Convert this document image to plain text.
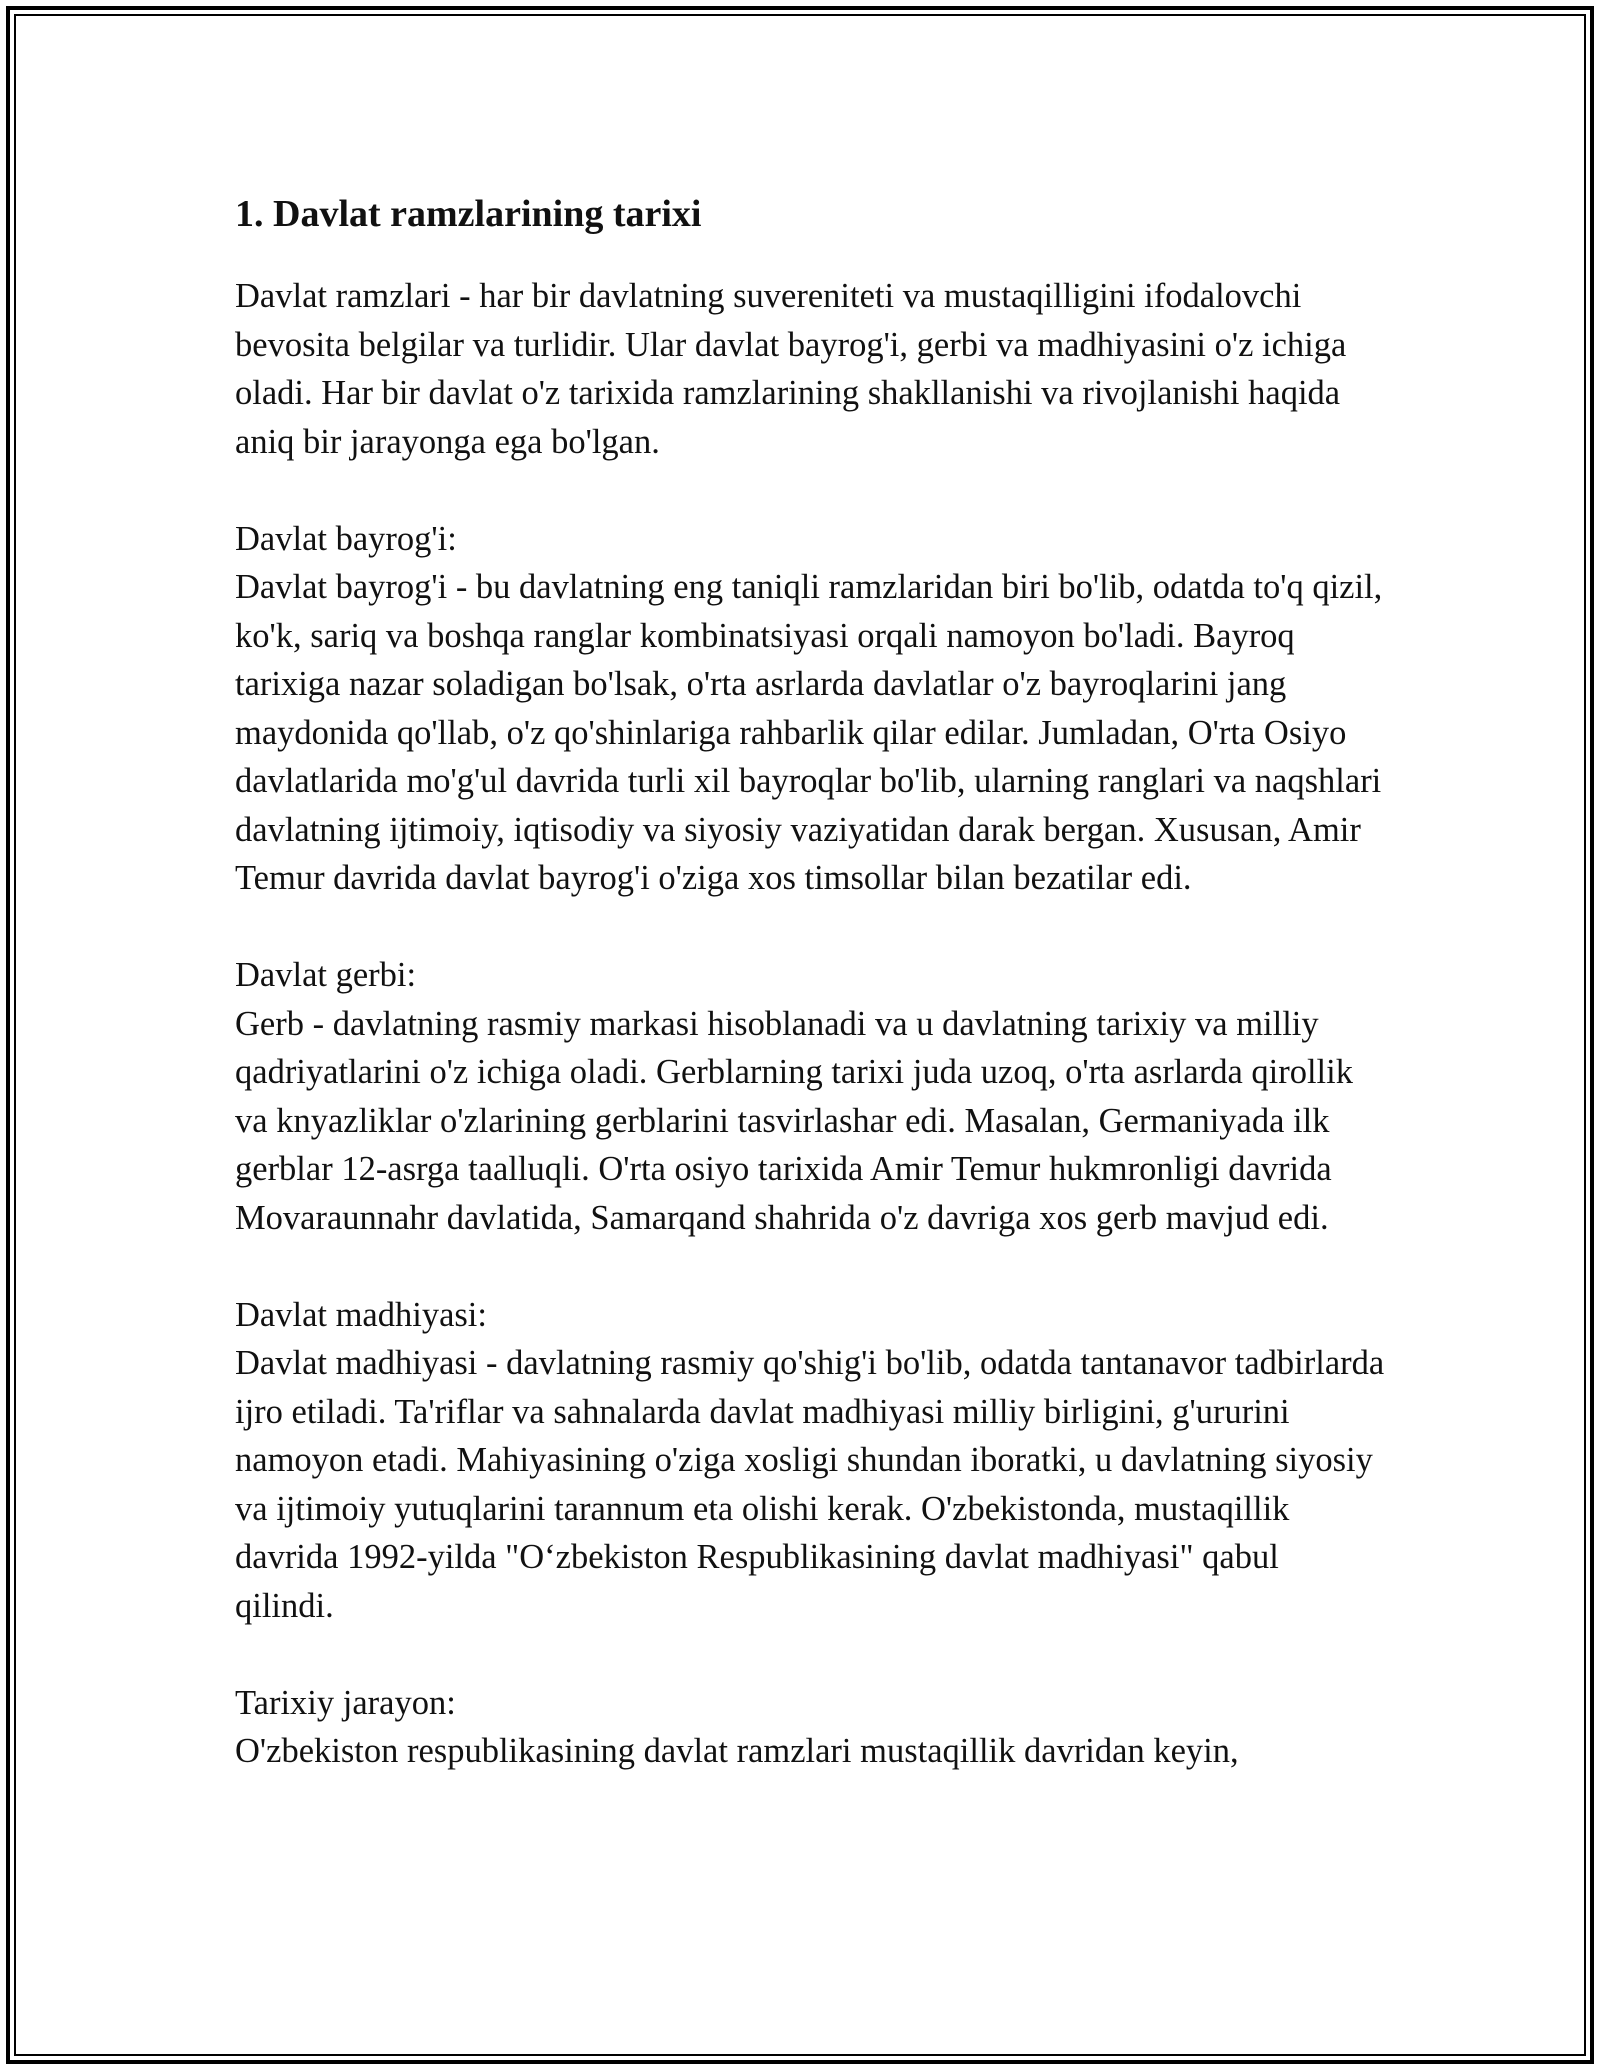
1. Davlat ramzlarining tarixi

Davlat ramzlari - har bir davlatning suvereniteti va mustaqilligini ifodalovchi bevosita belgilar va turlidir. Ular davlat bayrog'i, gerbi va madhiyasini o'z ichiga oladi. Har bir davlat o'z tarixida ramzlarining shakllanishi va rivojlanishi haqida aniq bir jarayonga ega bo'lgan.

Davlat bayrog'i:

Davlat bayrog'i - bu davlatning eng taniqli ramzlaridan biri bo'lib, odatda to'q qizil, ko'k, sariq va boshqa ranglar kombinatsiyasi orqali namoyon bo'ladi. Bayroq tarixiga nazar soladigan bo'lsak, o'rta asrlarda davlatlar o'z bayroqlarini jang maydonida qo'llab, o'z qo'shinlariga rahbarlik qilar edilar. Jumladan, O'rta Osiyo davlatlarida mo'g'ul davrida turli xil bayroqlar bo'lib, ularning ranglari va naqshlari davlatning ijtimoiy, iqtisodiy va siyosiy vaziyatidan darak bergan. Xususan, Amir Temur davrida davlat bayrog'i o'ziga xos timsollar bilan bezatilar edi.

Davlat gerbi:

Gerb - davlatning rasmiy markasi hisoblanadi va u davlatning tarixiy va milliy qadriyatlarini o'z ichiga oladi. Gerblarning tarixi juda uzoq, o'rta asrlarda qirollik va knyazliklar o'zlarining gerblarini tasvirlashar edi. Masalan, Germaniyada ilk gerblar 12-asrga taalluqli. O'rta osiyo tarixida Amir Temur hukmronligi davrida Movaraunnahr davlatida, Samarqand shahrida o'z davriga xos gerb mavjud edi.

Davlat madhiyasi:

Davlat madhiyasi - davlatning rasmiy qo'shig'i bo'lib, odatda tantanavor tadbirlarda ijro etiladi. Ta'riflar va sahnalarda davlat madhiyasi milliy birligini, g'ururini namoyon etadi. Mahiyasining o'ziga xosligi shundan iboratki, u davlatning siyosiy va ijtimoiy yutuqlarini tarannum eta olishi kerak. O'zbekistonda, mustaqillik davrida 1992-yilda "O‘zbekiston Respublikasining davlat madhiyasi" qabul qilindi.

Tarixiy jarayon:

O'zbekiston respublikasining davlat ramzlari mustaqillik davridan keyin,
